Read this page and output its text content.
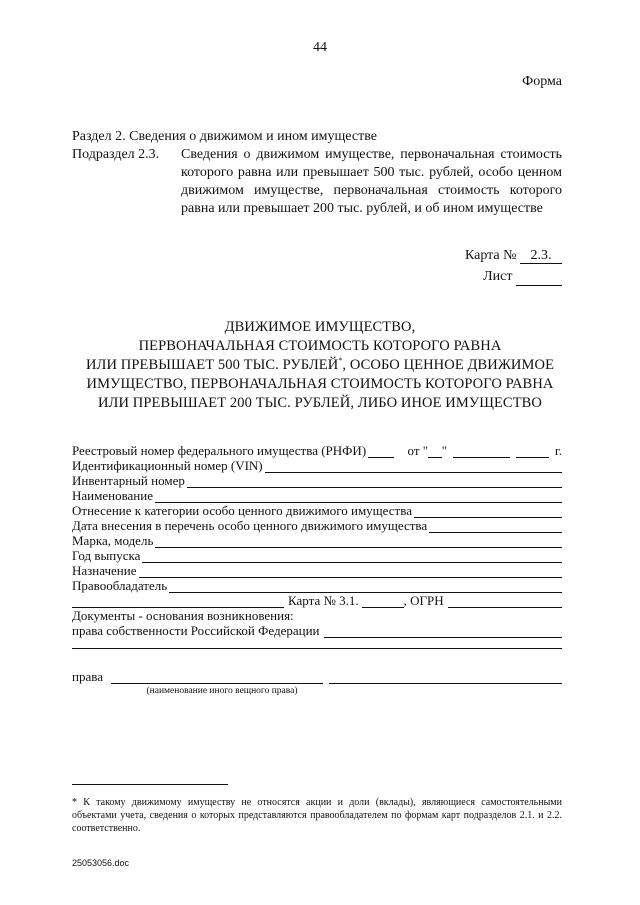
44
Форма
Раздел 2. Сведения о движимом и ином имуществе
Подраздел 2.3. Сведения о движимом имуществе, первоначальная стоимость которого равна или превышает 500 тыс. рублей, особо ценном движимом имуществе, первоначальная стоимость которого равна или превышает 200 тыс. рублей, и об ином имуществе
Карта № 2.3.
Лист
ДВИЖИМОЕ ИМУЩЕСТВО,
ПЕРВОНАЧАЛЬНАЯ СТОИМОСТЬ КОТОРОГО РАВНА
ИЛИ ПРЕВЫШАЕТ 500 ТЫС. РУБЛЕЙ*, ОСОБО ЦЕННОЕ ДВИЖИМОЕ
ИМУЩЕСТВО, ПЕРВОНАЧАЛЬНАЯ СТОИМОСТЬ КОТОРОГО РАВНА
ИЛИ ПРЕВЫШАЕТ 200 ТЫС. РУБЛЕЙ, ЛИБО ИНОЕ ИМУЩЕСТВО
Реестровый номер федерального имущества (РНФИ)	от " "	г.
Идентификационный номер (VIN)
Инвентарный номер
Наименование
Отнесение к категории особо ценного движимого имущества
Дата внесения в перечень особо ценного движимого имущества
Марка, модель
Год выпуска
Назначение
Правообладатель
Карта № 3.1.	, ОГРН
Документы - основания возникновения:
права собственности Российской Федерации
права
(наименование иного вещного права)
* К такому движимому имуществу не относятся акции и доли (вклады), являющиеся самостоятельными объектами учета, сведения о которых представляются правообладателем по формам карт подразделов 2.1. и 2.2. соответственно.
25053056.doc
